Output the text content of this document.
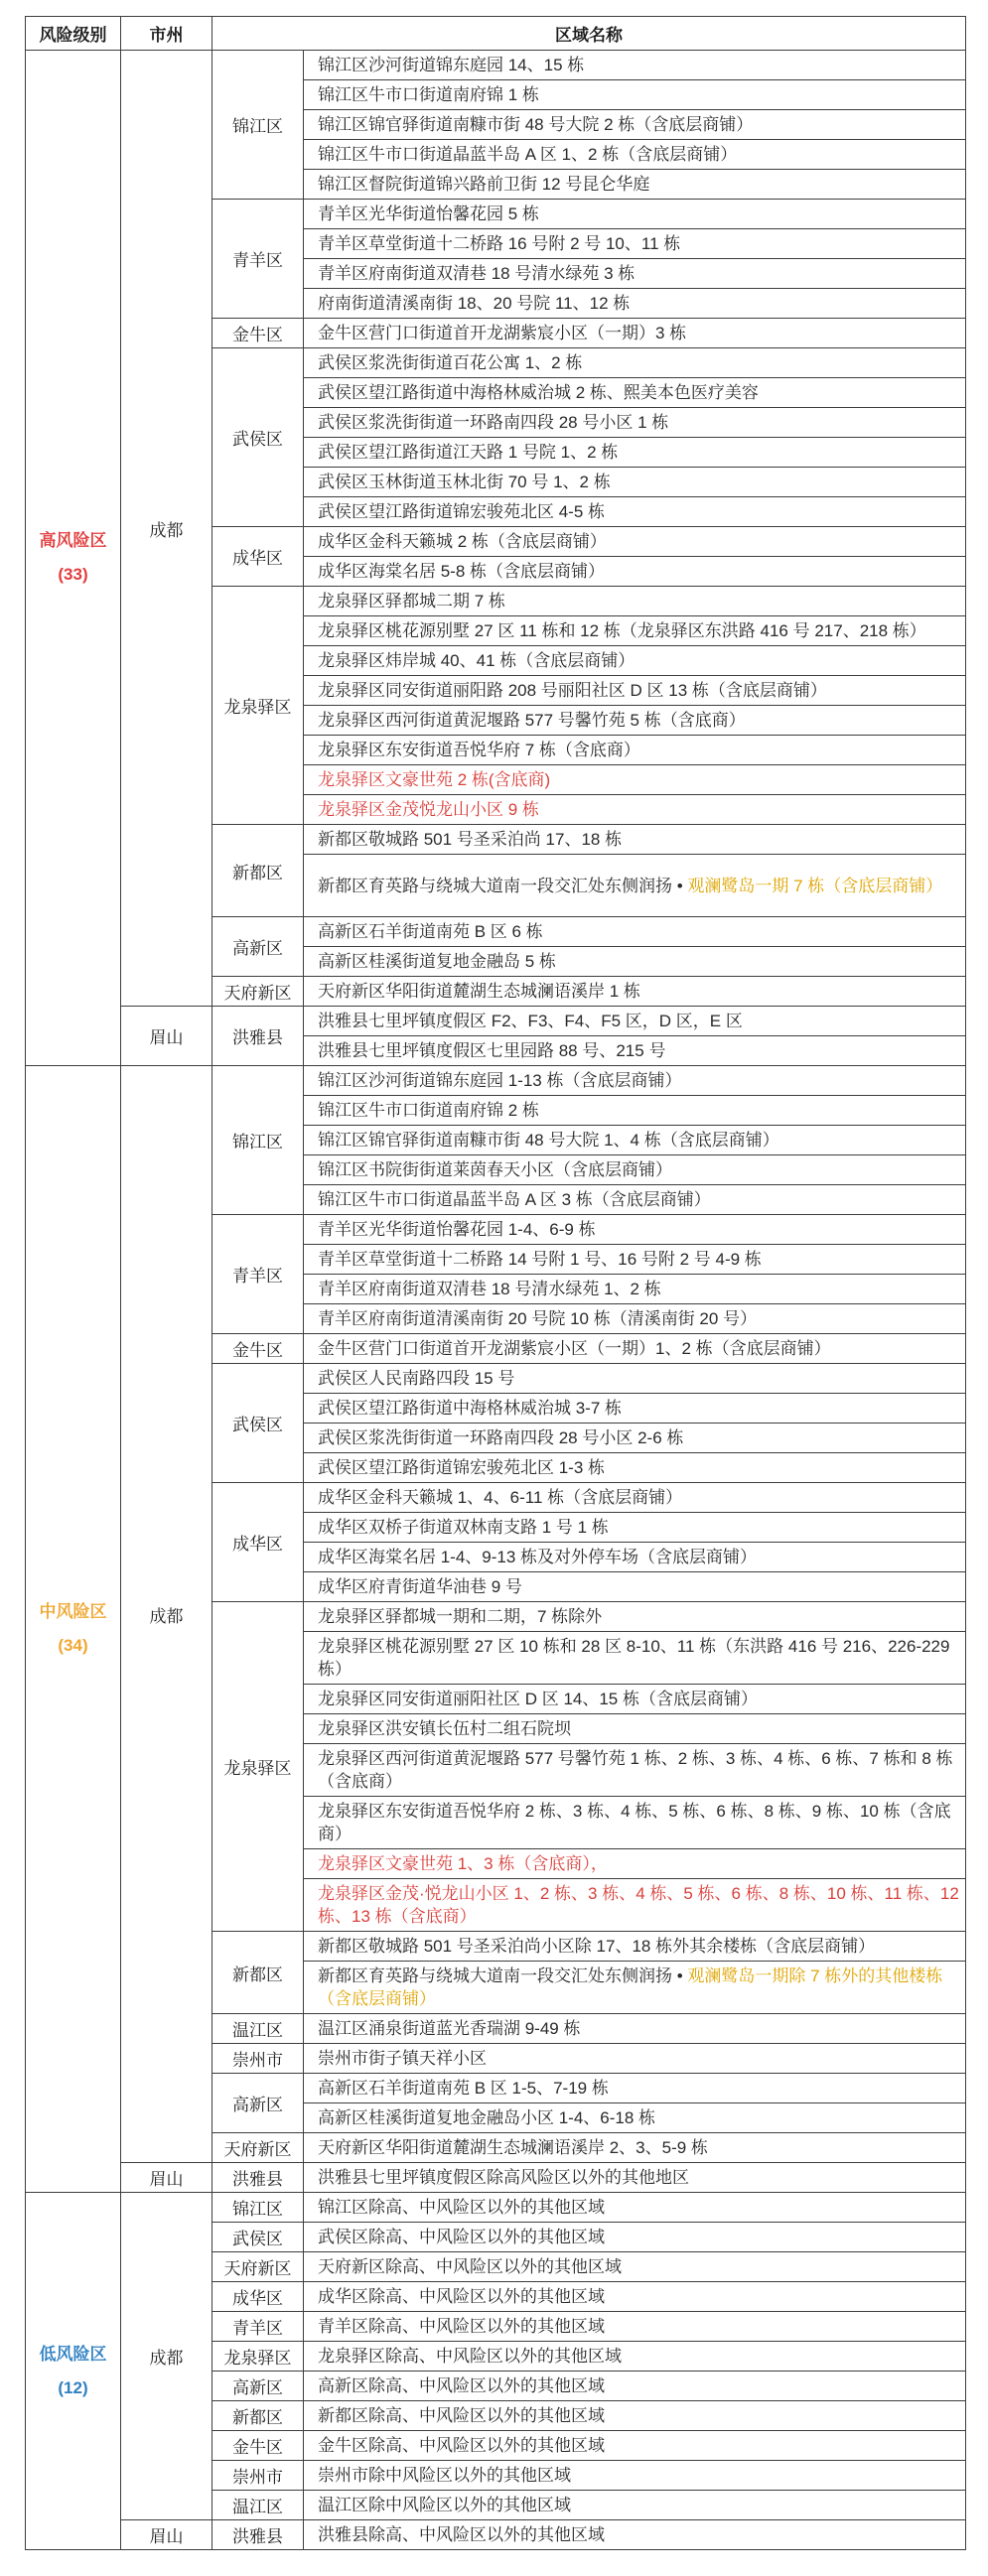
风险级别	市州	区域名称	

高风险区
(33)	成都	锦江区	锦江区沙河街道锦东庭园 14、15 栋
			锦江区牛市口街道南府锦 1 栋
			锦江区锦官驿街道南糠市街 48 号大院 2 栋（含底层商铺）
			锦江区牛市口街道晶蓝半岛 A 区 1、2 栋（含底层商铺）
			锦江区督院街道锦兴路前卫街 12 号昆仑华庭
		青羊区	青羊区光华街道怡馨花园 5 栋
			青羊区草堂街道十二桥路 16 号附 2 号 10、11 栋
			青羊区府南街道双清巷 18 号清水绿苑 3 栋
			府南街道清溪南街 18、20 号院 11、12 栋
		金牛区	金牛区营门口街道首开龙湖紫宸小区（一期）3 栋
		武侯区	武侯区浆洗街街道百花公寓 1、2 栋
			武侯区望江路街道中海格林威治城 2 栋、熙美本色医疗美容
			武侯区浆洗街街道一环路南四段 28 号小区 1 栋
			武侯区望江路街道江天路 1 号院 1、2 栋
			武侯区玉林街道玉林北街 70 号 1、2 栋
			武侯区望江路街道锦宏骏苑北区 4-5 栋
		成华区	成华区金科天籁城 2 栋（含底层商铺）
			成华区海棠名居 5-8 栋（含底层商铺）
		龙泉驿区	龙泉驿区驿都城二期 7 栋
			龙泉驿区桃花源别墅 27 区 11 栋和 12 栋（龙泉驿区东洪路 416 号 217、218 栋）
			龙泉驿区炜岸城 40、41 栋（含底层商铺）
			龙泉驿区同安街道丽阳路 208 号丽阳社区 D 区 13 栋（含底层商铺）
			龙泉驿区西河街道黄泥堰路 577 号馨竹苑 5 栋（含底商）
			龙泉驿区东安街道吾悦华府 7 栋（含底商）
			龙泉驿区文豪世苑 2 栋(含底商)
			龙泉驿区金茂悦龙山小区 9 栋
		新都区	新都区敬城路 501 号圣采泊尚 17、18 栋
			新都区育英路与绕城大道南一段交汇处东侧润扬 • 观澜鹭岛一期 7 栋（含底层商铺）
		高新区	高新区石羊街道南苑 B 区 6 栋
			高新区桂溪街道复地金融岛 5 栋
		天府新区	天府新区华阳街道麓湖生态城澜语溪岸 1 栋
	眉山	洪雅县	洪雅县七里坪镇度假区 F2、F3、F4、F5 区，D 区，E 区
			洪雅县七里坪镇度假区七里园路 88 号、215 号

中风险区
(34)	成都	锦江区	锦江区沙河街道锦东庭园 1-13 栋（含底层商铺）
			锦江区牛市口街道南府锦 2 栋
			锦江区锦官驿街道南糠市街 48 号大院 1、4 栋（含底层商铺）
			锦江区书院街街道莱茵春天小区（含底层商铺）
			锦江区牛市口街道晶蓝半岛 A 区 3 栋（含底层商铺）
		青羊区	青羊区光华街道怡馨花园 1-4、6-9 栋
			青羊区草堂街道十二桥路 14 号附 1 号、16 号附 2 号 4-9 栋
			青羊区府南街道双清巷 18 号清水绿苑 1、2 栋
			青羊区府南街道清溪南街 20 号院 10 栋（清溪南街 20 号）
		金牛区	金牛区营门口街道首开龙湖紫宸小区（一期）1、2 栋（含底层商铺）
		武侯区	武侯区人民南路四段 15 号
			武侯区望江路街道中海格林威治城 3-7 栋
			武侯区浆洗街街道一环路南四段 28 号小区 2-6 栋
			武侯区望江路街道锦宏骏苑北区 1-3 栋
		成华区	成华区金科天籁城 1、4、6-11 栋（含底层商铺）
			成华区双桥子街道双林南支路 1 号 1 栋
			成华区海棠名居 1-4、9-13 栋及对外停车场（含底层商铺）
			成华区府青街道华油巷 9 号
		龙泉驿区	龙泉驿区驿都城一期和二期，7 栋除外
			龙泉驿区桃花源别墅 27 区 10 栋和 28 区 8-10、11 栋（东洪路 416 号 216、226-229 栋）
			龙泉驿区同安街道丽阳社区 D 区 14、15 栋（含底层商铺）
			龙泉驿区洪安镇长伍村二组石院坝
			龙泉驿区西河街道黄泥堰路 577 号馨竹苑 1 栋、2 栋、3 栋、4 栋、6 栋、7 栋和 8 栋（含底商）
			龙泉驿区东安街道吾悦华府 2 栋、3 栋、4 栋、5 栋、6 栋、8 栋、9 栋、10 栋（含底商）
			龙泉驿区文豪世苑 1、3 栋（含底商），
			龙泉驿区金茂·悦龙山小区 1、2 栋、3 栋、4 栋、5 栋、6 栋、8 栋、10 栋、11 栋、12 栋、13 栋（含底商）
		新都区	新都区敬城路 501 号圣采泊尚小区除 17、18 栋外其余楼栋（含底层商铺）
			新都区育英路与绕城大道南一段交汇处东侧润扬 • 观澜鹭岛一期除 7 栋外的其他楼栋（含底层商铺）
		温江区	温江区涌泉街道蓝光香瑞湖 9-49 栋
		崇州市	崇州市街子镇天祥小区
		高新区	高新区石羊街道南苑 B 区 1-5、7-19 栋
			高新区桂溪街道复地金融岛小区 1-4、6-18 栋
		天府新区	天府新区华阳街道麓湖生态城澜语溪岸 2、3、5-9 栋
	眉山	洪雅县	洪雅县七里坪镇度假区除高风险区以外的其他地区

低风险区
(12)	成都	锦江区	锦江区除高、中风险区以外的其他区域
		武侯区	武侯区除高、中风险区以外的其他区域
		天府新区	天府新区除高、中风险区以外的其他区域
		成华区	成华区除高、中风险区以外的其他区域
		青羊区	青羊区除高、中风险区以外的其他区域
		龙泉驿区	龙泉驿区除高、中风险区以外的其他区域
		高新区	高新区除高、中风险区以外的其他区域
		新都区	新都区除高、中风险区以外的其他区域
		金牛区	金牛区除高、中风险区以外的其他区域
		崇州市	崇州市除中风险区以外的其他区域
		温江区	温江区除中风险区以外的其他区域
	眉山	洪雅县	洪雅县除高、中风险区以外的其他区域
